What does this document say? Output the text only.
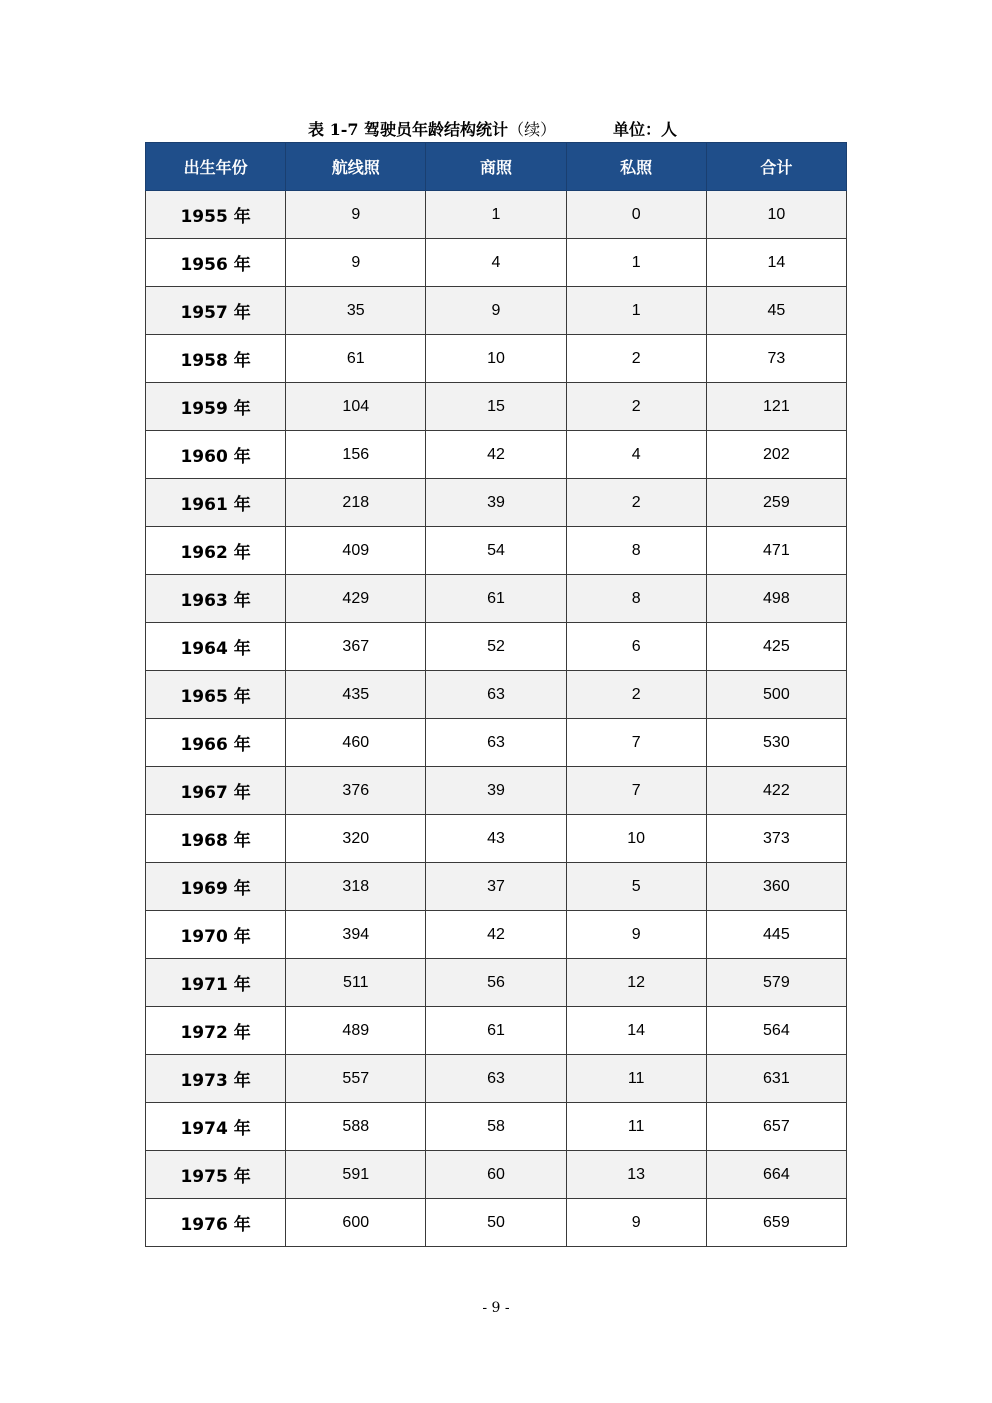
表 1-7 驾驶员年龄结构统计（续）	单位：人
出生年份	航线照	商照	私照	合计
1955 年	9	1	0	10
1956 年	9	4	1	14
1957 年	35	9	1	45
1958 年	61	10	2	73
1959 年	104	15	2	121
1960 年	156	42	4	202
1961 年	218	39	2	259
1962 年	409	54	8	471
1963 年	429	61	8	498
1964 年	367	52	6	425
1965 年	435	63	2	500
1966 年	460	63	7	530
1967 年	376	39	7	422
1968 年	320	43	10	373
1969 年	318	37	5	360
1970 年	394	42	9	445
1971 年	511	56	12	579
1972 年	489	61	14	564
1973 年	557	63	11	631
1974 年	588	58	11	657
1975 年	591	60	13	664
1976 年	600	50	9	659
- 9 -
